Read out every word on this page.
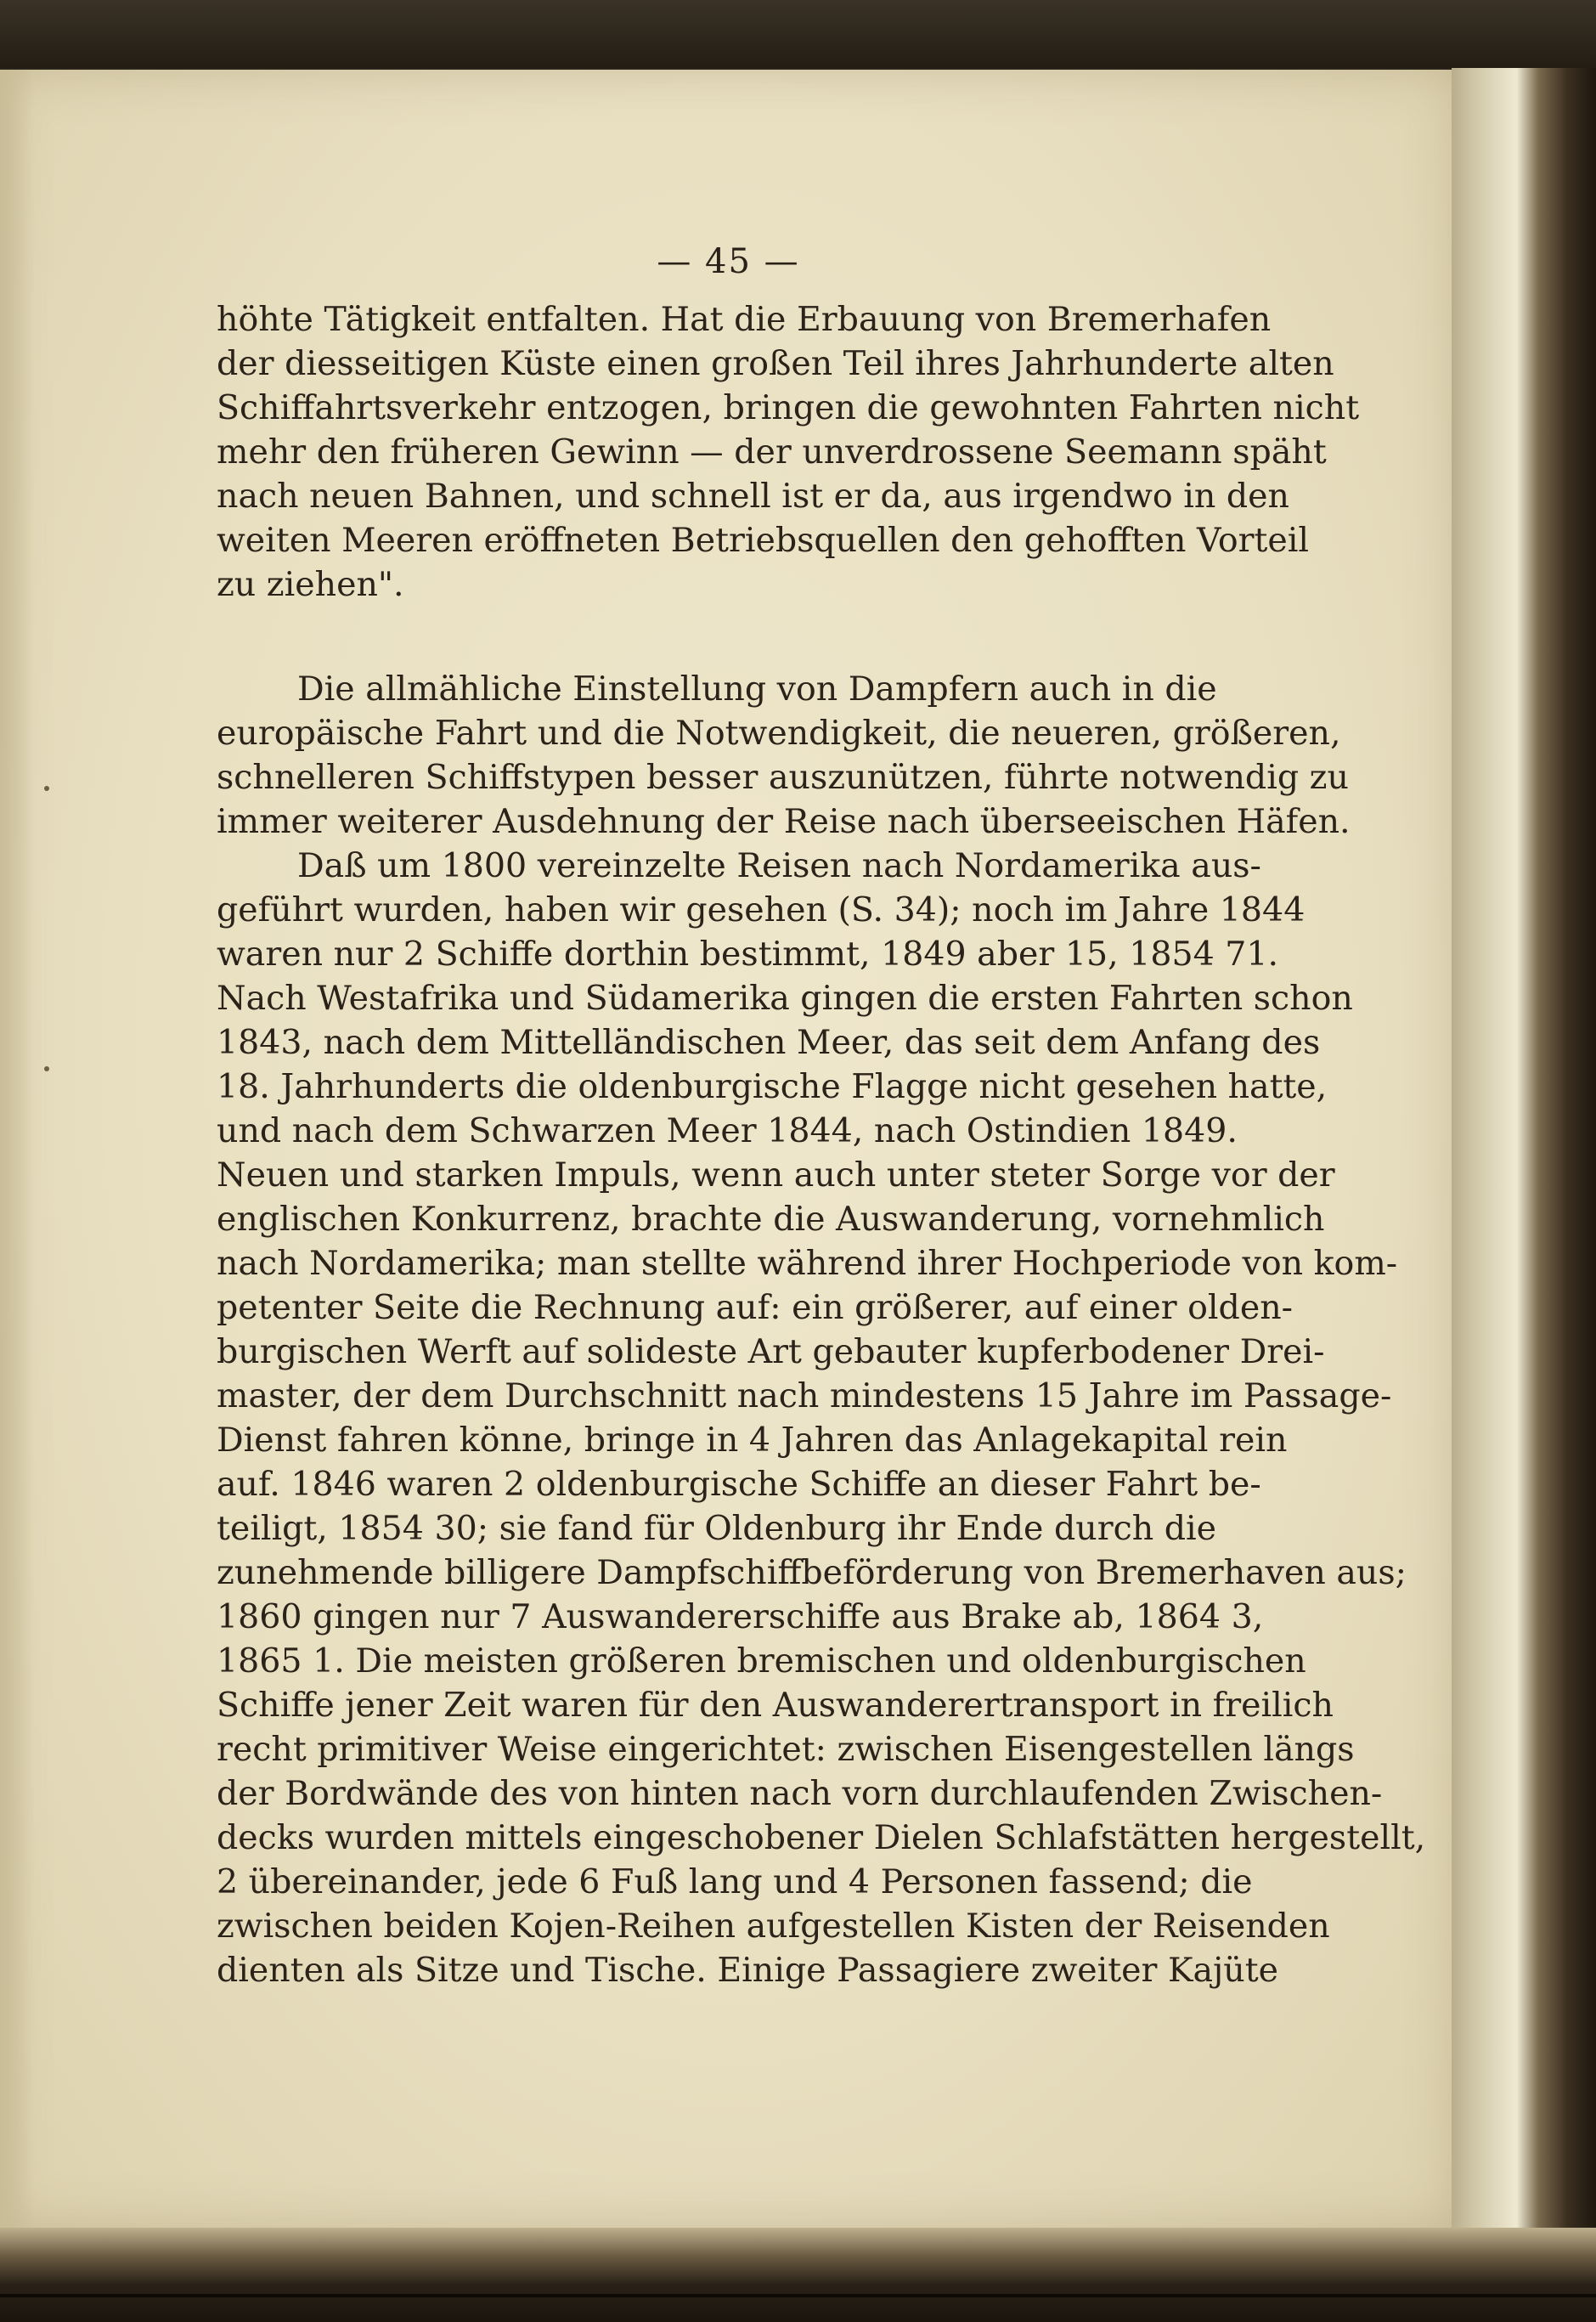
— 45 —
höhte Tätigkeit entfalten. Hat die Erbauung von Bremerhafen
der diesseitigen Küste einen großen Teil ihres Jahrhunderte alten
Schiffahrtsverkehr entzogen, bringen die gewohnten Fahrten nicht
mehr den früheren Gewinn — der unverdrossene Seemann späht
nach neuen Bahnen, und schnell ist er da, aus irgendwo in den
weiten Meeren eröffneten Betriebsquellen den gehofften Vorteil
zu ziehen".
Die allmähliche Einstellung von Dampfern auch in die
europäische Fahrt und die Notwendigkeit, die neueren, größeren,
schnelleren Schiffstypen besser auszunützen, führte notwendig zu
immer weiterer Ausdehnung der Reise nach überseeischen Häfen.
Daß um 1800 vereinzelte Reisen nach Nordamerika aus-
geführt wurden, haben wir gesehen (S. 34); noch im Jahre 1844
waren nur 2 Schiffe dorthin bestimmt, 1849 aber 15, 1854 71.
Nach Westafrika und Südamerika gingen die ersten Fahrten schon
1843, nach dem Mittelländischen Meer, das seit dem Anfang des
18. Jahrhunderts die oldenburgische Flagge nicht gesehen hatte,
und nach dem Schwarzen Meer 1844, nach Ostindien 1849.
Neuen und starken Impuls, wenn auch unter steter Sorge vor der
englischen Konkurrenz, brachte die Auswanderung, vornehmlich
nach Nordamerika; man stellte während ihrer Hochperiode von kom-
petenter Seite die Rechnung auf: ein größerer, auf einer olden-
burgischen Werft auf solideste Art gebauter kupferbodener Drei-
master, der dem Durchschnitt nach mindestens 15 Jahre im Passage-
Dienst fahren könne, bringe in 4 Jahren das Anlagekapital rein
auf. 1846 waren 2 oldenburgische Schiffe an dieser Fahrt be-
teiligt, 1854 30; sie fand für Oldenburg ihr Ende durch die
zunehmende billigere Dampfschiffbeförderung von Bremerhaven aus;
1860 gingen nur 7 Auswandererschiffe aus Brake ab, 1864 3,
1865 1. Die meisten größeren bremischen und oldenburgischen
Schiffe jener Zeit waren für den Auswanderertransport in freilich
recht primitiver Weise eingerichtet: zwischen Eisengestellen längs
der Bordwände des von hinten nach vorn durchlaufenden Zwischen-
decks wurden mittels eingeschobener Dielen Schlafstätten hergestellt,
2 übereinander, jede 6 Fuß lang und 4 Personen fassend; die
zwischen beiden Kojen-Reihen aufgestellen Kisten der Reisenden
dienten als Sitze und Tische. Einige Passagiere zweiter Kajüte
